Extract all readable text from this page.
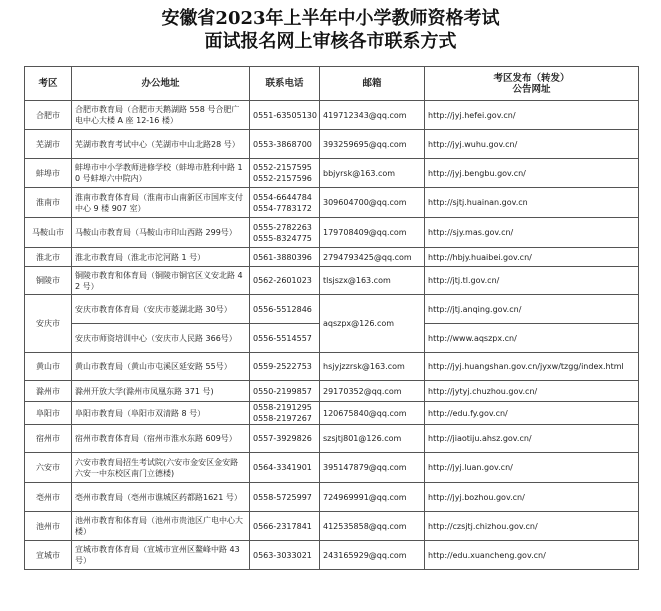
安徽省2023年上半年中小学教师资格考试
面试报名网上审核各市联系方式
考区	办公地址	联系电话	邮箱	考区发布（转发）
公告网址

合肥市	合肥市教育局（合肥市天鹅湖路 558 号合肥广电中心大楼 A 座 12-16 楼）	0551-63505130	419712343@qq.com	http://jyj.hefei.gov.cn/
芜湖市	芜湖市教育考试中心（芜湖市中山北路28 号）	0553-3868700	393259695@qq.com	http://jyj.wuhu.gov.cn/
蚌埠市	蚌埠市中小学教师进修学校（蚌埠市胜利中路 10 号蚌埠六中院内）	0552-2157595
0552-2157596	bbjyrsk@163.com	http://jyj.bengbu.gov.cn/
淮南市	淮南市教育体育局（淮南市山南新区市国库支付中心 9 楼 907 室）	0554-6644784
0554-7783172	309604700@qq.com	http://sjtj.huainan.gov.cn
马鞍山市	马鞍山市教育局（马鞍山市印山西路 299号）	0555-2782263
0555-8324775	179708409@qq.com	http://sjy.mas.gov.cn/
淮北市	淮北市教育局（淮北市沱河路 1 号）	0561-3880396	2794793425@qq.com	http://hbjy.huaibei.gov.cn/
铜陵市	铜陵市教育和体育局（铜陵市铜官区义安北路 42 号）	0562-2601023	tlsjszx@163.com	http://jtj.tl.gov.cn/
安庆市	安庆市教育体育局（安庆市菱湖北路 30号）	0556-5512846	aqszpx@126.com	http://jtj.anqing.gov.cn/
	安庆市师资培训中心（安庆市人民路 366号）	0556-5514557		http://www.aqszpx.cn/
黄山市	黄山市教育局（黄山市屯溪区延安路 55号）	0559-2522753	hsjyjzzrsk@163.com	http://jyj.huangshan.gov.cn/jyxw/tzgg/index.html
滁州市	滁州开放大学(滁州市凤凰东路 371 号)	0550-2199857	29170352@qq.com	http://jytyj.chuzhou.gov.cn/
阜阳市	阜阳市教育局（阜阳市双清路 8 号）	0558-2191295
0558-2197267	120675840@qq.com	http://edu.fy.gov.cn/
宿州市	宿州市教育体育局（宿州市淮水东路 609号）	0557-3929826	szsjtj801@126.com	http://jiaotiju.ahsz.gov.cn/
六安市	六安市教育局招生考试院(六安市金安区金安路六安一中东校区南门立德楼)	0564-3341901	395147879@qq.com	http://jyj.luan.gov.cn/
亳州市	亳州市教育局（亳州市谯城区药都路1621 号）	0558-5725997	724969991@qq.com	http://jyj.bozhou.gov.cn/
池州市	池州市教育和体育局（池州市贵池区广电中心大楼）	0566-2317841	412535858@qq.com	http://czsjtj.chizhou.gov.cn/
宣城市	宣城市教育体育局（宣城市宣州区鳌峰中路 43 号）	0563-3033021	243165929@qq.com	http://edu.xuancheng.gov.cn/
